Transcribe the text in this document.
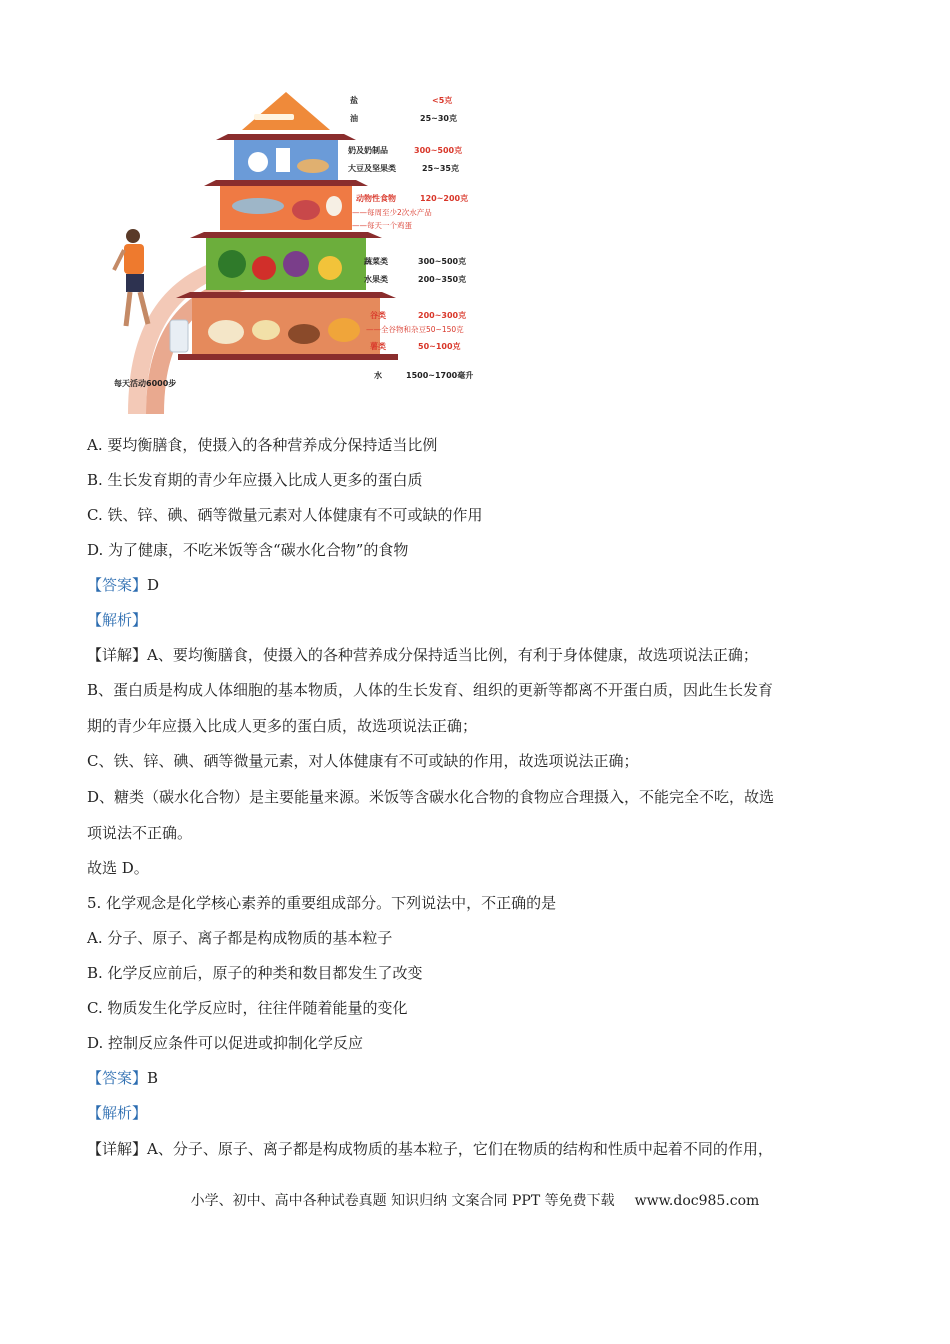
盐	<5克
油	25~30克
奶及奶制品	300~500克
大豆及坚果类	25~35克
动物性食物	120~200克
——每周至少2次水产品
——每天一个鸡蛋
蔬菜类	300~500克
水果类	200~350克
谷类	200~300克
——全谷物和杂豆50~150克
薯类	50~100克
水	1500~1700毫升
每天活动6000步
A. 要均衡膳食，使摄入的各种营养成分保持适当比例
B. 生长发育期的青少年应摄入比成人更多的蛋白质
C. 铁、锌、碘、硒等微量元素对人体健康有不可或缺的作用
D. 为了健康，不吃米饭等含“碳水化合物”的食物
【答案】D
【解析】
【详解】A、要均衡膳食，使摄入的各种营养成分保持适当比例，有利于身体健康，故选项说法正确；
B、蛋白质是构成人体细胞的基本物质，人体的生长发育、组织的更新等都离不开蛋白质，因此生长发育
期的青少年应摄入比成人更多的蛋白质，故选项说法正确；
C、铁、锌、碘、硒等微量元素，对人体健康有不可或缺的作用，故选项说法正确；
D、糖类（碳水化合物）是主要能量来源。米饭等含碳水化合物的食物应合理摄入，不能完全不吃，故选
项说法不正确。
故选 D。
5. 化学观念是化学核心素养的重要组成部分。下列说法中，不正确的是
A. 分子、原子、离子都是构成物质的基本粒子
B. 化学反应前后，原子的种类和数目都发生了改变
C. 物质发生化学反应时，往往伴随着能量的变化
D. 控制反应条件可以促进或抑制化学反应
【答案】B
【解析】
【详解】A、分子、原子、离子都是构成物质的基本粒子，它们在物质的结构和性质中起着不同的作用，
小学、初中、高中各种试卷真题 知识归纳 文案合同 PPT 等免费下载 www.doc985.com
